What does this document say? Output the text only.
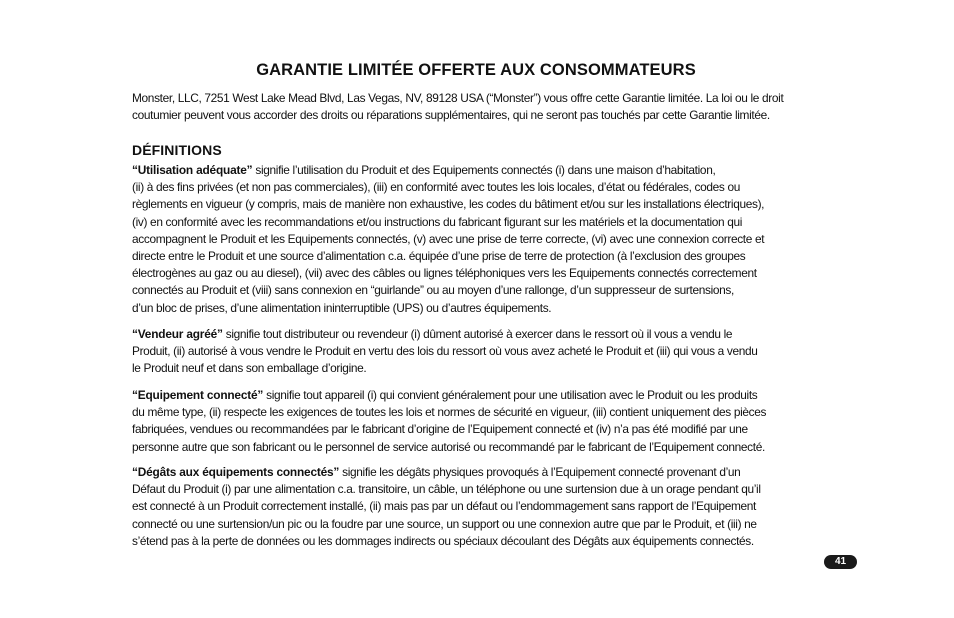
GARANTIE LIMITÉE OFFERTE AUX CONSOMMATEURS
Monster, LLC, 7251 West Lake Mead Blvd, Las Vegas, NV, 89128 USA (“Monster”) vous offre cette Garantie limitée. La loi ou le droit
coutumier peuvent vous accorder des droits ou réparations supplémentaires, qui ne seront pas touchés par cette Garantie limitée.
DÉFINITIONS
“Utilisation adéquate” signifie l’utilisation du Produit et des Equipements connectés (i) dans une maison d’habitation,
(ii) à des fins privées (et non pas commerciales), (iii) en conformité avec toutes les lois locales, d’état ou fédérales, codes ou
règlements en vigueur (y compris, mais de manière non exhaustive, les codes du bâtiment et/ou sur les installations électriques),
(iv) en conformité avec les recommandations et/ou instructions du fabricant figurant sur les matériels et la documentation qui
accompagnent le Produit et les Equipements connectés, (v) avec une prise de terre correcte, (vi) avec une connexion correcte et
directe entre le Produit et une source d’alimentation c.a. équipée d’une prise de terre de protection (à l’exclusion des groupes
électrogènes au gaz ou au diesel), (vii) avec des câbles ou lignes téléphoniques vers les Equipements connectés correctement
connectés au Produit et (viii) sans connexion en “guirlande” ou au moyen d’une rallonge, d’un suppresseur de surtensions,
d’un bloc de prises, d’une alimentation ininterruptible (UPS) ou d’autres équipements.
“Vendeur agréé” signifie tout distributeur ou revendeur (i) dûment autorisé à exercer dans le ressort où il vous a vendu le
Produit, (ii) autorisé à vous vendre le Produit en vertu des lois du ressort où vous avez acheté le Produit et (iii) qui vous a vendu
le Produit neuf et dans son emballage d’origine.
“Equipement connecté” signifie tout appareil (i) qui convient généralement pour une utilisation avec le Produit ou les produits
du même type, (ii) respecte les exigences de toutes les lois et normes de sécurité en vigueur, (iii) contient uniquement des pièces
fabriquées, vendues ou recommandées par le fabricant d’origine de l’Equipement connecté et (iv) n’a pas été modifié par une
personne autre que son fabricant ou le personnel de service autorisé ou recommandé par le fabricant de l’Equipement connecté.
“Dégâts aux équipements connectés” signifie les dégâts physiques provoqués à l’Equipement connecté provenant d’un
Défaut du Produit (i) par une alimentation c.a. transitoire, un câble, un téléphone ou une surtension due à un orage pendant qu’il
est connecté à un Produit correctement installé, (ii) mais pas par un défaut ou l’endommagement sans rapport de l’Equipement
connecté ou une surtension/un pic ou la foudre par une source, un support ou une connexion autre que par le Produit, et (iii) ne
s’étend pas à la perte de données ou les dommages indirects ou spéciaux découlant des Dégâts aux équipements connectés.
41
